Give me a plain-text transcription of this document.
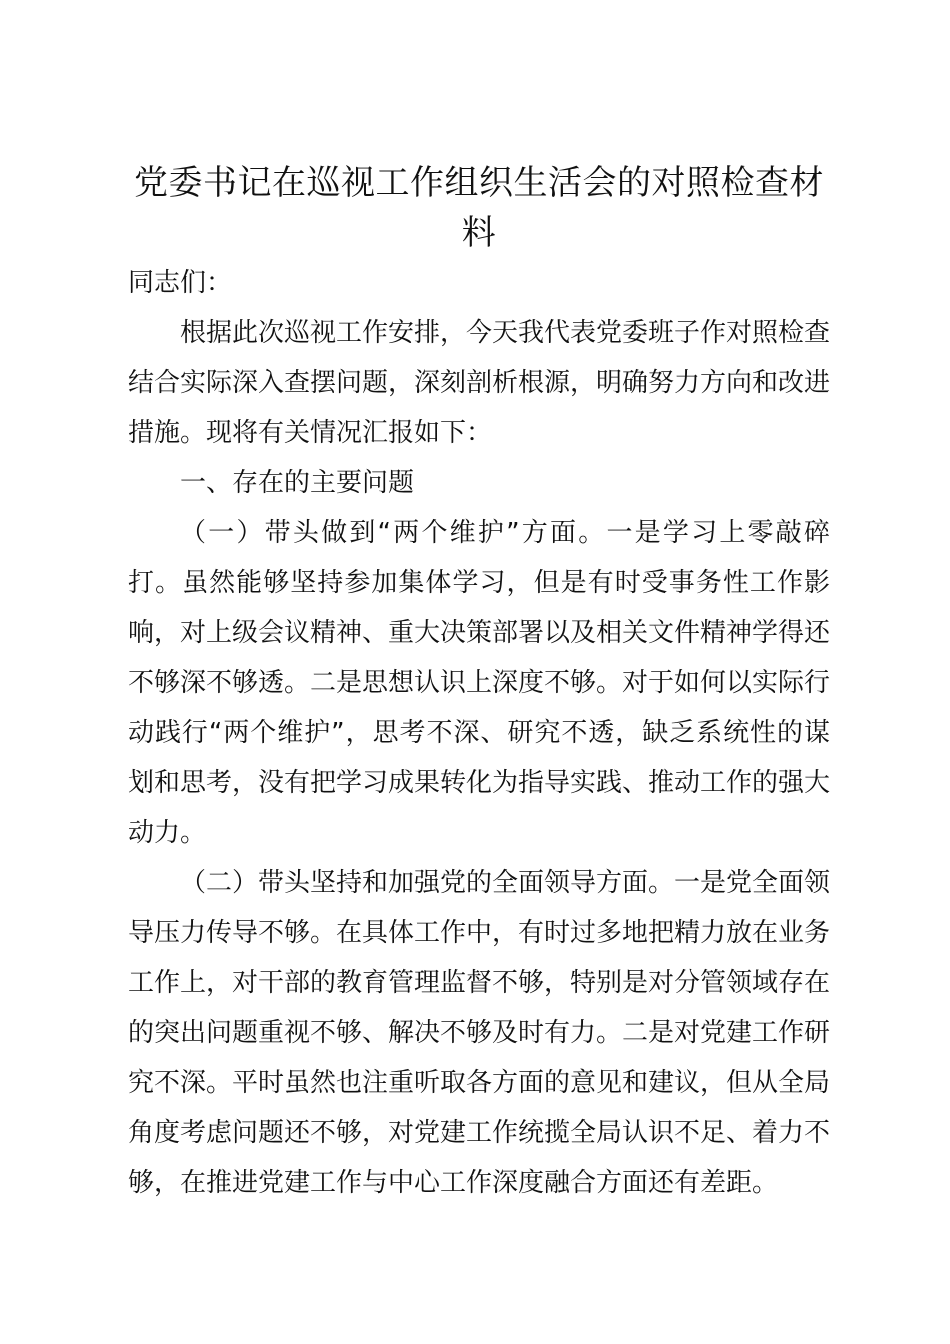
党委书记在巡视工作组织生活会的对照检查材料

同志们：

根据此次巡视工作安排，今天我代表党委班子作对照检查结合实际深入查摆问题，深刻剖析根源，明确努力方向和改进措施。现将有关情况汇报如下：

一、存在的主要问题

（一）带头做到“两个维护”方面。一是学习上零敲碎打。虽然能够坚持参加集体学习，但是有时受事务性工作影响，对上级会议精神、重大决策部署以及相关文件精神学得还不够深不够透。二是思想认识上深度不够。对于如何以实际行动践行“两个维护”，思考不深、研究不透，缺乏系统性的谋划和思考，没有把学习成果转化为指导实践、推动工作的强大动力。

（二）带头坚持和加强党的全面领导方面。一是党全面领导压力传导不够。在具体工作中，有时过多地把精力放在业务工作上，对干部的教育管理监督不够，特别是对分管领域存在的突出问题重视不够、解决不够及时有力。二是对党建工作研究不深。平时虽然也注重听取各方面的意见和建议，但从全局角度考虑问题还不够，对党建工作统揽全局认识不足、着力不够，在推进党建工作与中心工作深度融合方面还有差距。
